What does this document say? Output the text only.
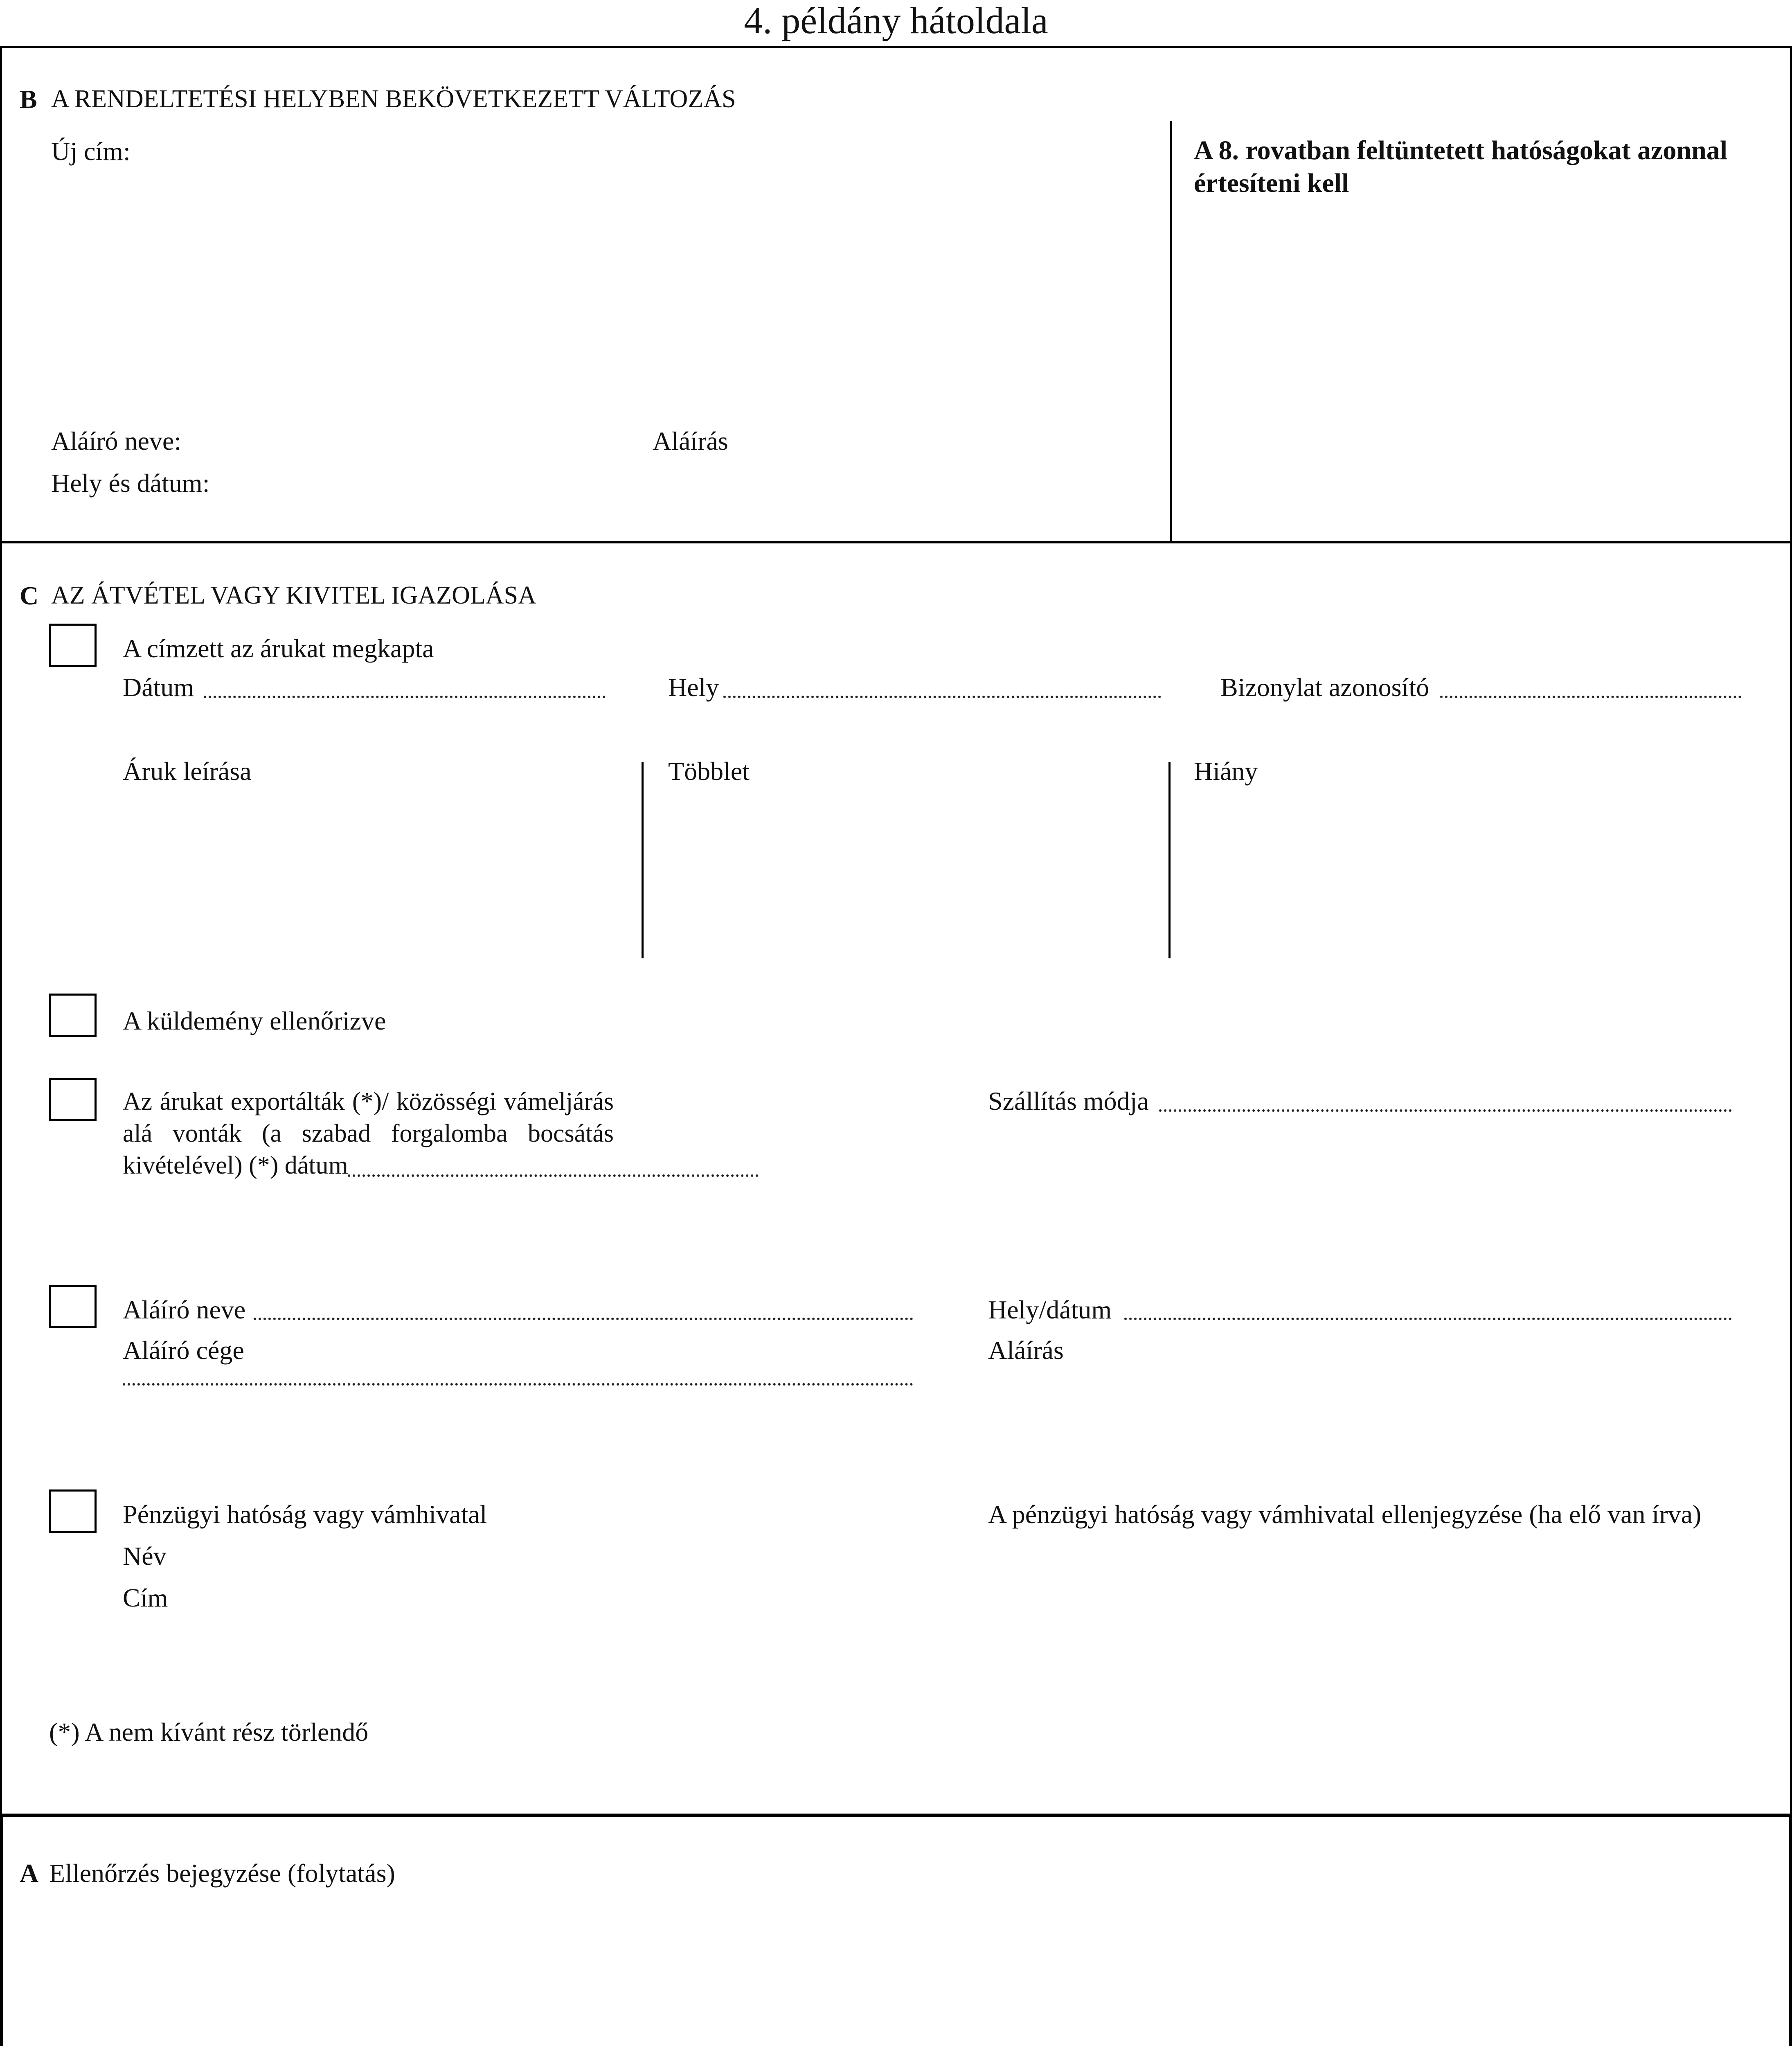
4. példány hátoldala
B A RENDELTETÉSI HELYBEN BEKÖVETKEZETT VÁLTOZÁS
Új cím:	A 8. rovatban feltüntetett hatóságokat azonnal értesíteni kell
Aláíró neve:	Aláírás
Hely és dátum:
C AZ ÁTVÉTEL VAGY KIVITEL IGAZOLÁSA
A címzett az árukat megkapta
Dátum	Hely	Bizonylat azonosító
Áruk leírása	Többlet	Hiány
A küldemény ellenőrizve
Az árukat exportálták (*)/ közösségi vámeljárás alá vonták (a szabad forgalomba bocsátás kivételével) (*) dátum
Szállítás módja
Aláíró neve	Hely/dátum
Aláíró cége	Aláírás
Pénzügyi hatóság vagy vámhivatal	A pénzügyi hatóság vagy vámhivatal ellenjegyzése (ha elő van írva)
Név
Cím
(*) A nem kívánt rész törlendő
A Ellenőrzés bejegyzése (folytatás)
